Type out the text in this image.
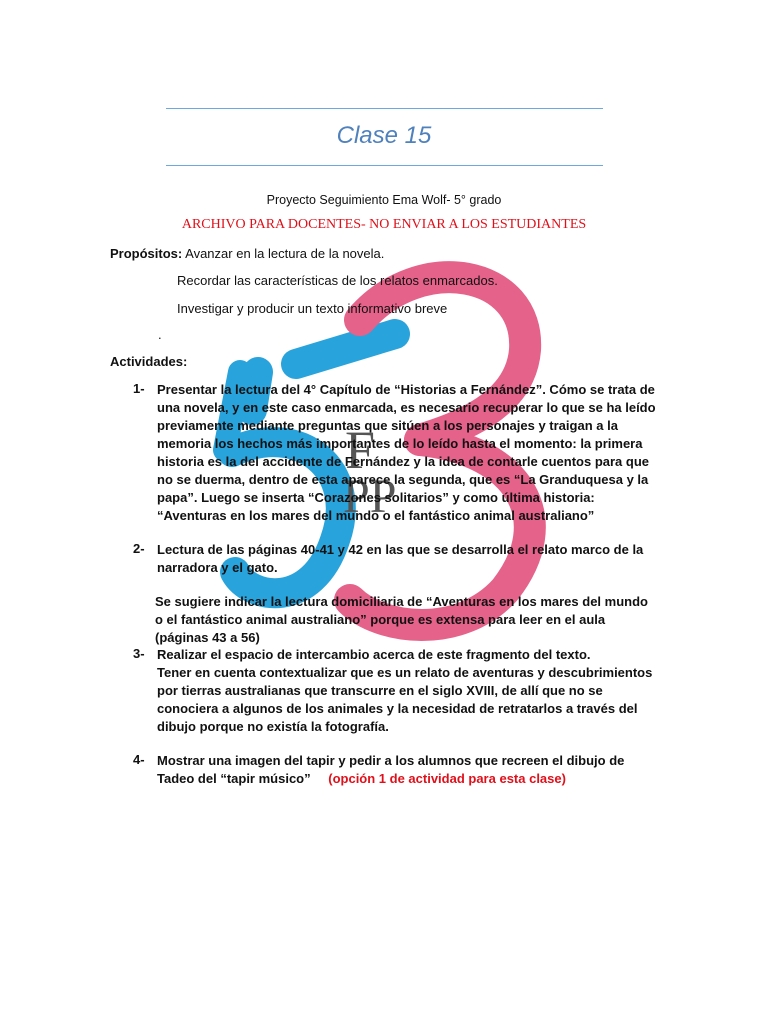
F
PP
Clase 15
Proyecto Seguimiento Ema Wolf- 5° grado
ARCHIVO PARA DOCENTES- NO ENVIAR A LOS ESTUDIANTES
Propósitos: Avanzar en la lectura de la novela.
Recordar las características de los relatos enmarcados.
Investigar y producir un texto informativo breve
.
Actividades:
1- Presentar la lectura del 4° Capítulo de “Historias a Fernández”. Cómo se trata de una novela, y en este caso enmarcada, es necesario recuperar lo que se ha leído previamente mediante preguntas que sitúen a los personajes y traigan a la memoria los hechos más importantes de lo leído hasta el momento: la primera historia es la del accidente de Fernández y la idea de contarle cuentos para que no se duerma, dentro de esta aparece la segunda, que es “La Granduquesa y la papa”. Luego se inserta “Corazones solitarios” y como última historia: “Aventuras en los mares del mundo o el fantástico animal australiano”
2- Lectura de las páginas 40-41 y 42 en las que se desarrolla el relato marco de la narradora y el gato.
Se sugiere indicar la lectura domiciliaria de “Aventuras en los mares del mundo o el fantástico animal australiano” porque es extensa para leer en el aula (páginas 43 a 56)
3- Realizar el espacio de intercambio acerca de este fragmento del texto.
Tener en cuenta contextualizar que es un relato de aventuras y descubrimientos por tierras australianas que transcurre en el siglo XVIII, de allí que no se conociera a algunos de los animales y la necesidad de retratarlos a través del dibujo porque no existía la fotografía.
4- Mostrar una imagen del tapir y pedir a los alumnos que recreen el dibujo de Tadeo del “tapir músico” (opción 1 de actividad para esta clase)
